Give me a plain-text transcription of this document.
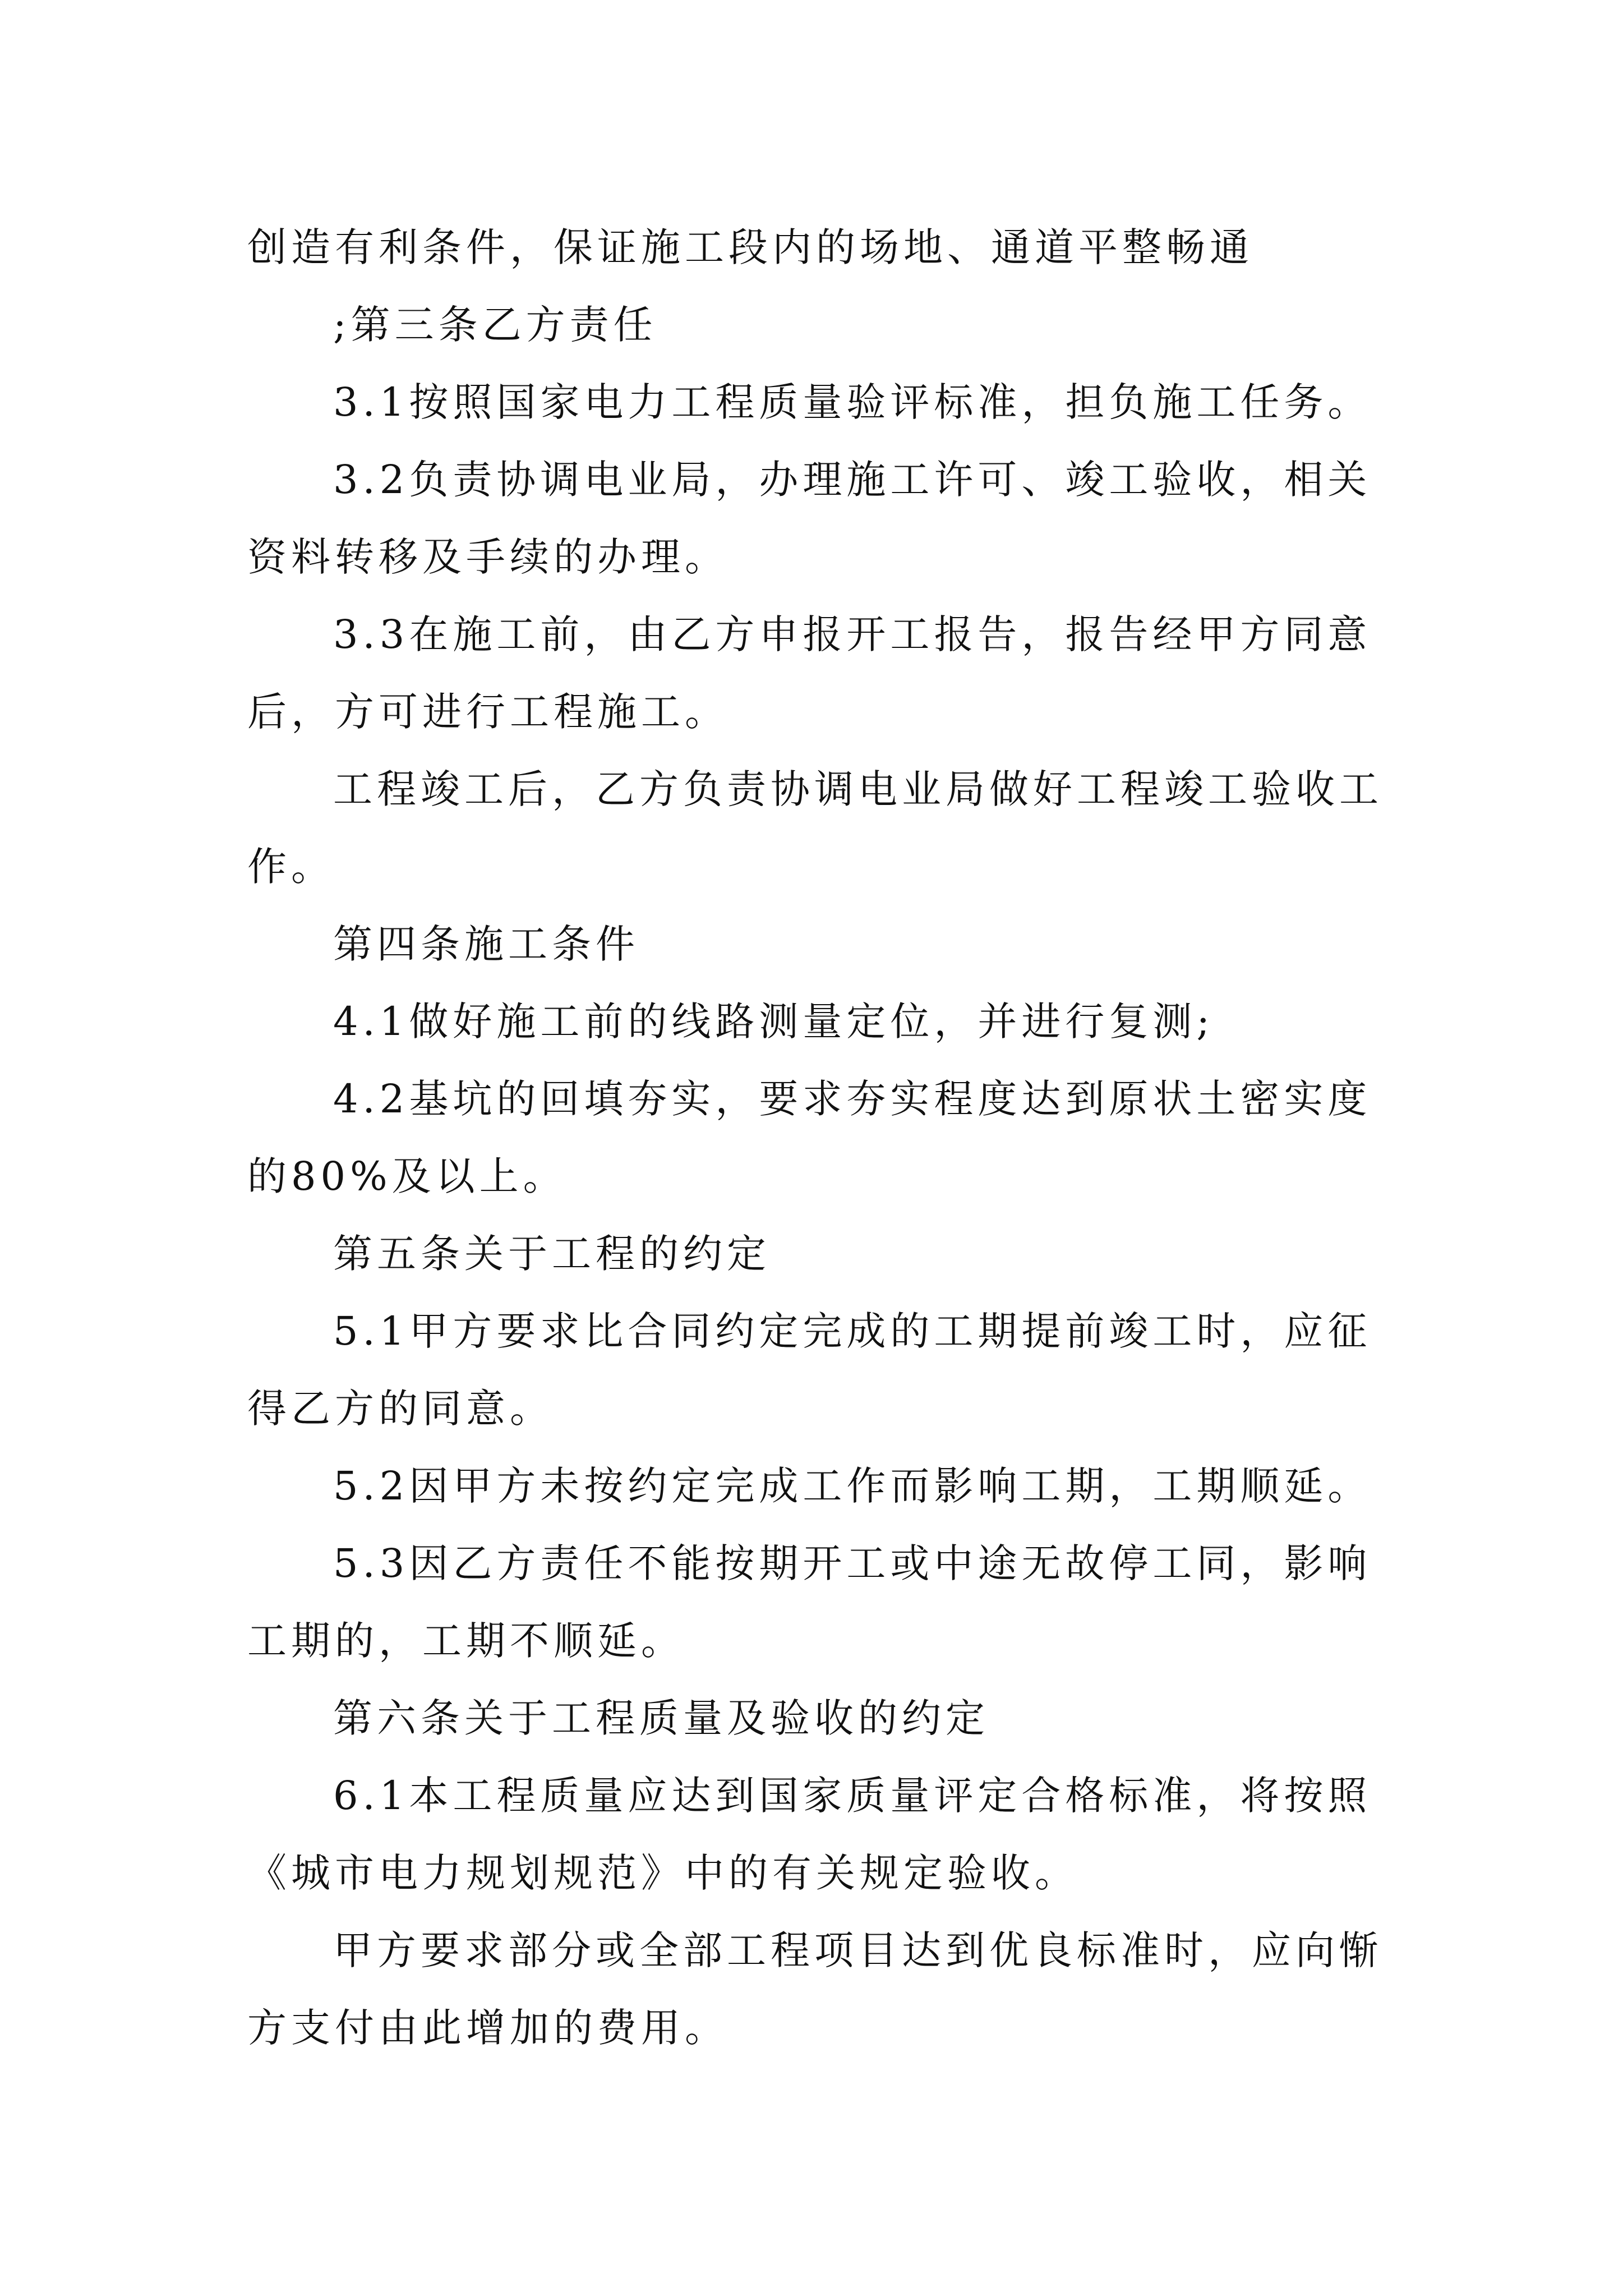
创造有利条件，保证施工段内的场地、通道平整畅通
;第三条乙方责任
3.1按照国家电力工程质量验评标准，担负施工任务。
3.2负责协调电业局，办理施工许可、竣工验收，相关
资料转移及手续的办理。
3.3在施工前，由乙方申报开工报告，报告经甲方同意
后，方可进行工程施工。
工程竣工后，乙方负责协调电业局做好工程竣工验收工
作。
第四条施工条件
4.1做好施工前的线路测量定位，并进行复测;
4.2基坑的回填夯实，要求夯实程度达到原状土密实度
的80%及以上。
第五条关于工程的约定
5.1甲方要求比合同约定完成的工期提前竣工时，应征
得乙方的同意。
5.2因甲方未按约定完成工作而影响工期，工期顺延。
5.3因乙方责任不能按期开工或中途无故停工同，影响
工期的，工期不顺延。
第六条关于工程质量及验收的约定
6.1本工程质量应达到国家质量评定合格标准，将按照
《城市电力规划规范》中的有关规定验收。
甲方要求部分或全部工程项目达到优良标准时，应向惭
方支付由此增加的费用。
